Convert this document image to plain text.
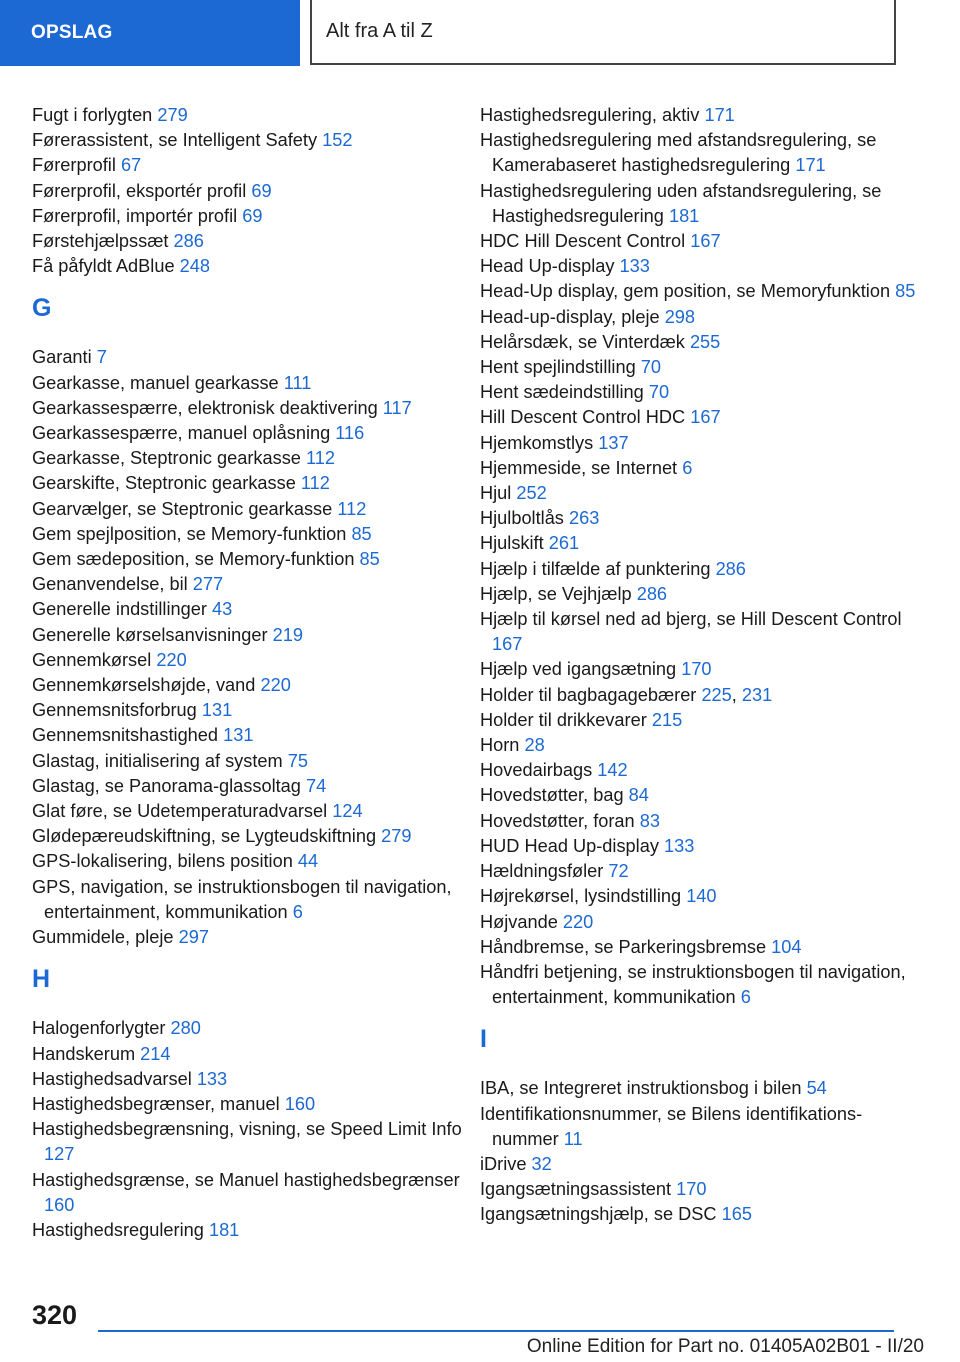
OPSLAG	Alt fra A til Z
Fugt i forlygten 279
Førerassistent, se Intelligent Safety 152
Førerprofil 67
Førerprofil, eksportér profil 69
Førerprofil, importér profil 69
Førstehjælpssæt 286
Få påfyldt AdBlue 248
G
Garanti 7
Gearkasse, manuel gearkasse 111
Gearkassespærre, elektronisk deaktivering 117
Gearkassespærre, manuel oplåsning 116
Gearkasse, Steptronic gearkasse 112
Gearskifte, Steptronic gearkasse 112
Gearvælger, se Steptronic gearkasse 112
Gem spejlposition, se Memory-funktion 85
Gem sædeposition, se Memory-funktion 85
Genanvendelse, bil 277
Generelle indstillinger 43
Generelle kørselsanvisninger 219
Gennemkørsel 220
Gennemkørselshøjde, vand 220
Gennemsnitsforbrug 131
Gennemsnitshastighed 131
Glastag, initialisering af system 75
Glastag, se Panorama-glassoltag 74
Glat føre, se Udetemperaturadvarsel 124
Glødepæreudskiftning, se Lygteudskiftning 279
GPS-lokalisering, bilens position 44
GPS, navigation, se instruktionsbogen til navigation, entertainment, kommunikation 6
Gummidele, pleje 297
H
Halogenforlygter 280
Handskerum 214
Hastighedsadvarsel 133
Hastighedsbegrænser, manuel 160
Hastighedsbegrænsning, visning, se Speed Limit Info 127
Hastighedsgrænse, se Manuel hastighedsbegrænser 160
Hastighedsregulering 181
Hastighedsregulering, aktiv 171
Hastighedsregulering med afstandsregulering, se Kamerabaseret hastighedsregulering 171
Hastighedsregulering uden afstandsregulering, se Hastighedsregulering 181
HDC Hill Descent Control 167
Head Up-display 133
Head-Up display, gem position, se Memoryfunktion 85
Head-up-display, pleje 298
Helårsdæk, se Vinterdæk 255
Hent spejlindstilling 70
Hent sædeindstilling 70
Hill Descent Control HDC 167
Hjemkomstlys 137
Hjemmeside, se Internet 6
Hjul 252
Hjulboltlås 263
Hjulskift 261
Hjælp i tilfælde af punktering 286
Hjælp, se Vejhjælp 286
Hjælp til kørsel ned ad bjerg, se Hill Descent Control 167
Hjælp ved igangsætning 170
Holder til bagbagagebærer 225, 231
Holder til drikkevarer 215
Horn 28
Hovedairbags 142
Hovedstøtter, bag 84
Hovedstøtter, foran 83
HUD Head Up-display 133
Hældningsføler 72
Højrekørsel, lysindstilling 140
Højvande 220
Håndbremse, se Parkeringsbremse 104
Håndfri betjening, se instruktionsbogen til navigation, entertainment, kommunikation 6
I
IBA, se Integreret instruktionsbog i bilen 54
Identifikationsnummer, se Bilens identifikationsnummer 11
iDrive 32
Igangsætningsassistent 170
Igangsætningshjælp, se DSC 165
320
Online Edition for Part no. 01405A02B01 - II/20
